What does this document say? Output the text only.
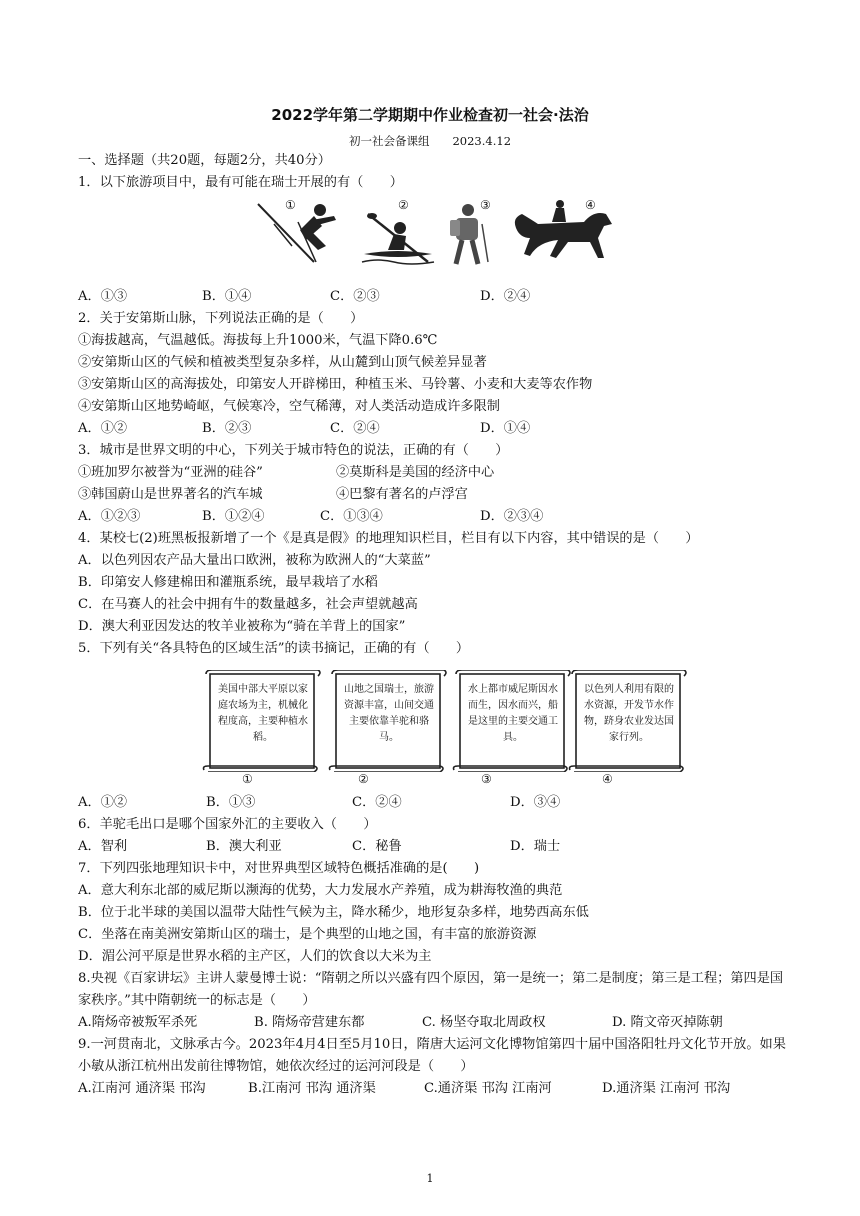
2022学年第二学期期中作业检查初一社会·法治
初一社会备课组　　2023.4.12
一、选择题（共20题，每题2分，共40分）
1．以下旅游项目中，最有可能在瑞士开展的有（　　）
①	②	③	④
A．①③	B．①④	C．②③	D．②④
2．关于安第斯山脉，下列说法正确的是（　　）
①海拔越高，气温越低。海拔每上升1000米，气温下降0.6℃
②安第斯山区的气候和植被类型复杂多样，从山麓到山顶气候差异显著
③安第斯山区的高海拔处，印第安人开辟梯田，种植玉米、马铃薯、小麦和大麦等农作物
④安第斯山区地势崎岖，气候寒冷，空气稀薄，对人类活动造成许多限制
A．①②	B．②③	C．②④	D．①④
3．城市是世界文明的中心，下列关于城市特色的说法，正确的有（　　）
①班加罗尔被誉为“亚洲的硅谷”	②莫斯科是美国的经济中心
③韩国蔚山是世界著名的汽车城	④巴黎有著名的卢浮宫
A．①②③	B．①②④	C．①③④	D．②③④
4．某校七(2)班黑板报新增了一个《是真是假》的地理知识栏目，栏目有以下内容，其中错误的是（　　）
A．以色列因农产品大量出口欧洲，被称为欧洲人的“大菜蓝”
B．印第安人修建棉田和灌瓶系统，最早栽培了水稻
C．在马赛人的社会中拥有牛的数量越多，社会声望就越高
D．澳大利亚因发达的牧羊业被称为“骑在羊背上的国家”
5．下列有关“各具特色的区域生活”的读书摘记，正确的有（　　）
美国中部大平原以家庭农场为主，机械化程度高，主要种植水稻。
①
山地之国瑞士，旅游资源丰富，山间交通主要依靠羊驼和骆马。
②
水上都市威尼斯因水而生，因水而兴，船是这里的主要交通工具。
③
以色列人利用有限的水资源，开发节水作物，跻身农业发达国家行列。
④
A．①②	B．①③	C．②④	D．③④
6．羊驼毛出口是哪个国家外汇的主要收入（　　）
A．智利	B．澳大利亚	C．秘鲁	D．瑞士
7．下列四张地理知识卡中，对世界典型区域特色概括准确的是(　　)
A．意大利东北部的威尼斯以濒海的优势，大力发展水产养殖，成为耕海牧渔的典范
B．位于北半球的美国以温带大陆性气候为主，降水稀少，地形复杂多样，地势西高东低
C．坐落在南美洲安第斯山区的瑞士，是个典型的山地之国，有丰富的旅游资源
D．湄公河平原是世界水稻的主产区，人们的饮食以大米为主
8.央视《百家讲坛》主讲人蒙曼博士说：“隋朝之所以兴盛有四个原因，第一是统一；第二是制度；第三是工程；第四是国家秩序。”其中隋朝统一的标志是（　　）
A.隋炀帝被叛军杀死	B. 隋炀帝营建东都	C. 杨坚夺取北周政权	D. 隋文帝灭掉陈朝
9.一河贯南北，文脉承古今。2023年4月4日至5月10日，隋唐大运河文化博物馆第四十届中国洛阳牡丹文化节开放。如果小敏从浙江杭州出发前往博物馆，她依次经过的运河河段是（　　）
A.江南河 通济渠 邗沟	B.江南河 邗沟 通济渠	C.通济渠 邗沟 江南河	D.通济渠 江南河 邗沟
1
